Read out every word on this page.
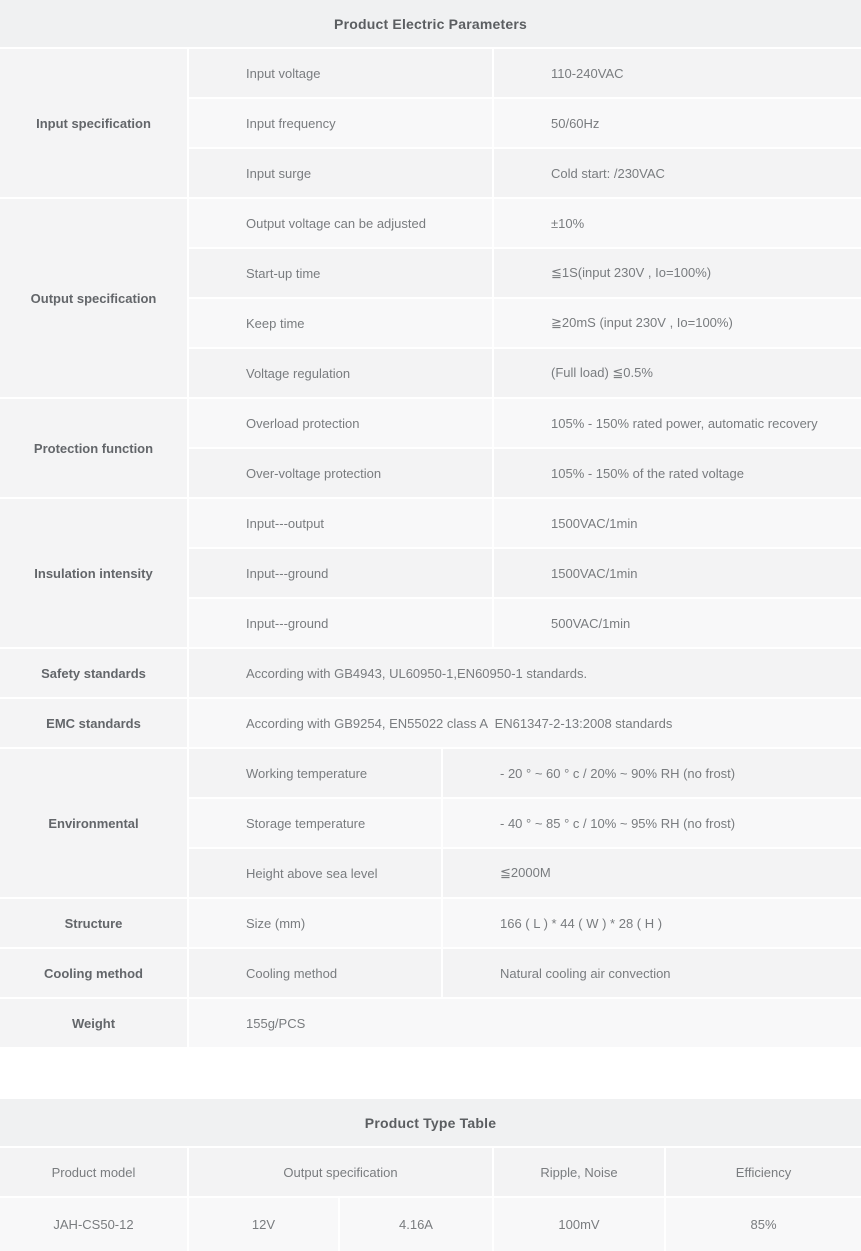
Product Electric Parameters
Input specification
Input voltage	110-240VAC
Input frequency	50/60Hz
Input surge	Cold start: /230VAC
Output specification
Output voltage can be adjusted	±10%
Start-up time	≦1S(input 230V , Io=100%)
Keep time	≧20mS (input 230V , Io=100%)
Voltage regulation	(Full load) ≦0.5%
Protection function
Overload protection	105% - 150% rated power, automatic recovery
Over-voltage protection	105% - 150% of the rated voltage
Insulation intensity
Input---output	1500VAC/1min
Input---ground	1500VAC/1min
Input---ground	500VAC/1min
Safety standards	According with GB4943, UL60950-1,EN60950-1 standards.
EMC standards	According with GB9254, EN55022 class A  EN61347-2-13:2008 standards
Environmental
Working temperature	- 20 ° ~ 60 ° c / 20% ~ 90% RH (no frost)
Storage temperature	- 40 ° ~ 85 ° c / 10% ~ 95% RH (no frost)
Height above sea level	≦2000M
Structure	Size (mm)	166 ( L ) * 44 ( W ) * 28 ( H )
Cooling method	Cooling method	Natural cooling air convection
Weight	155g/PCS
Product Type Table
Product model	Output specification	Ripple, Noise	Efficiency
JAH-CS50-12	12V	4.16A	100mV	85%
